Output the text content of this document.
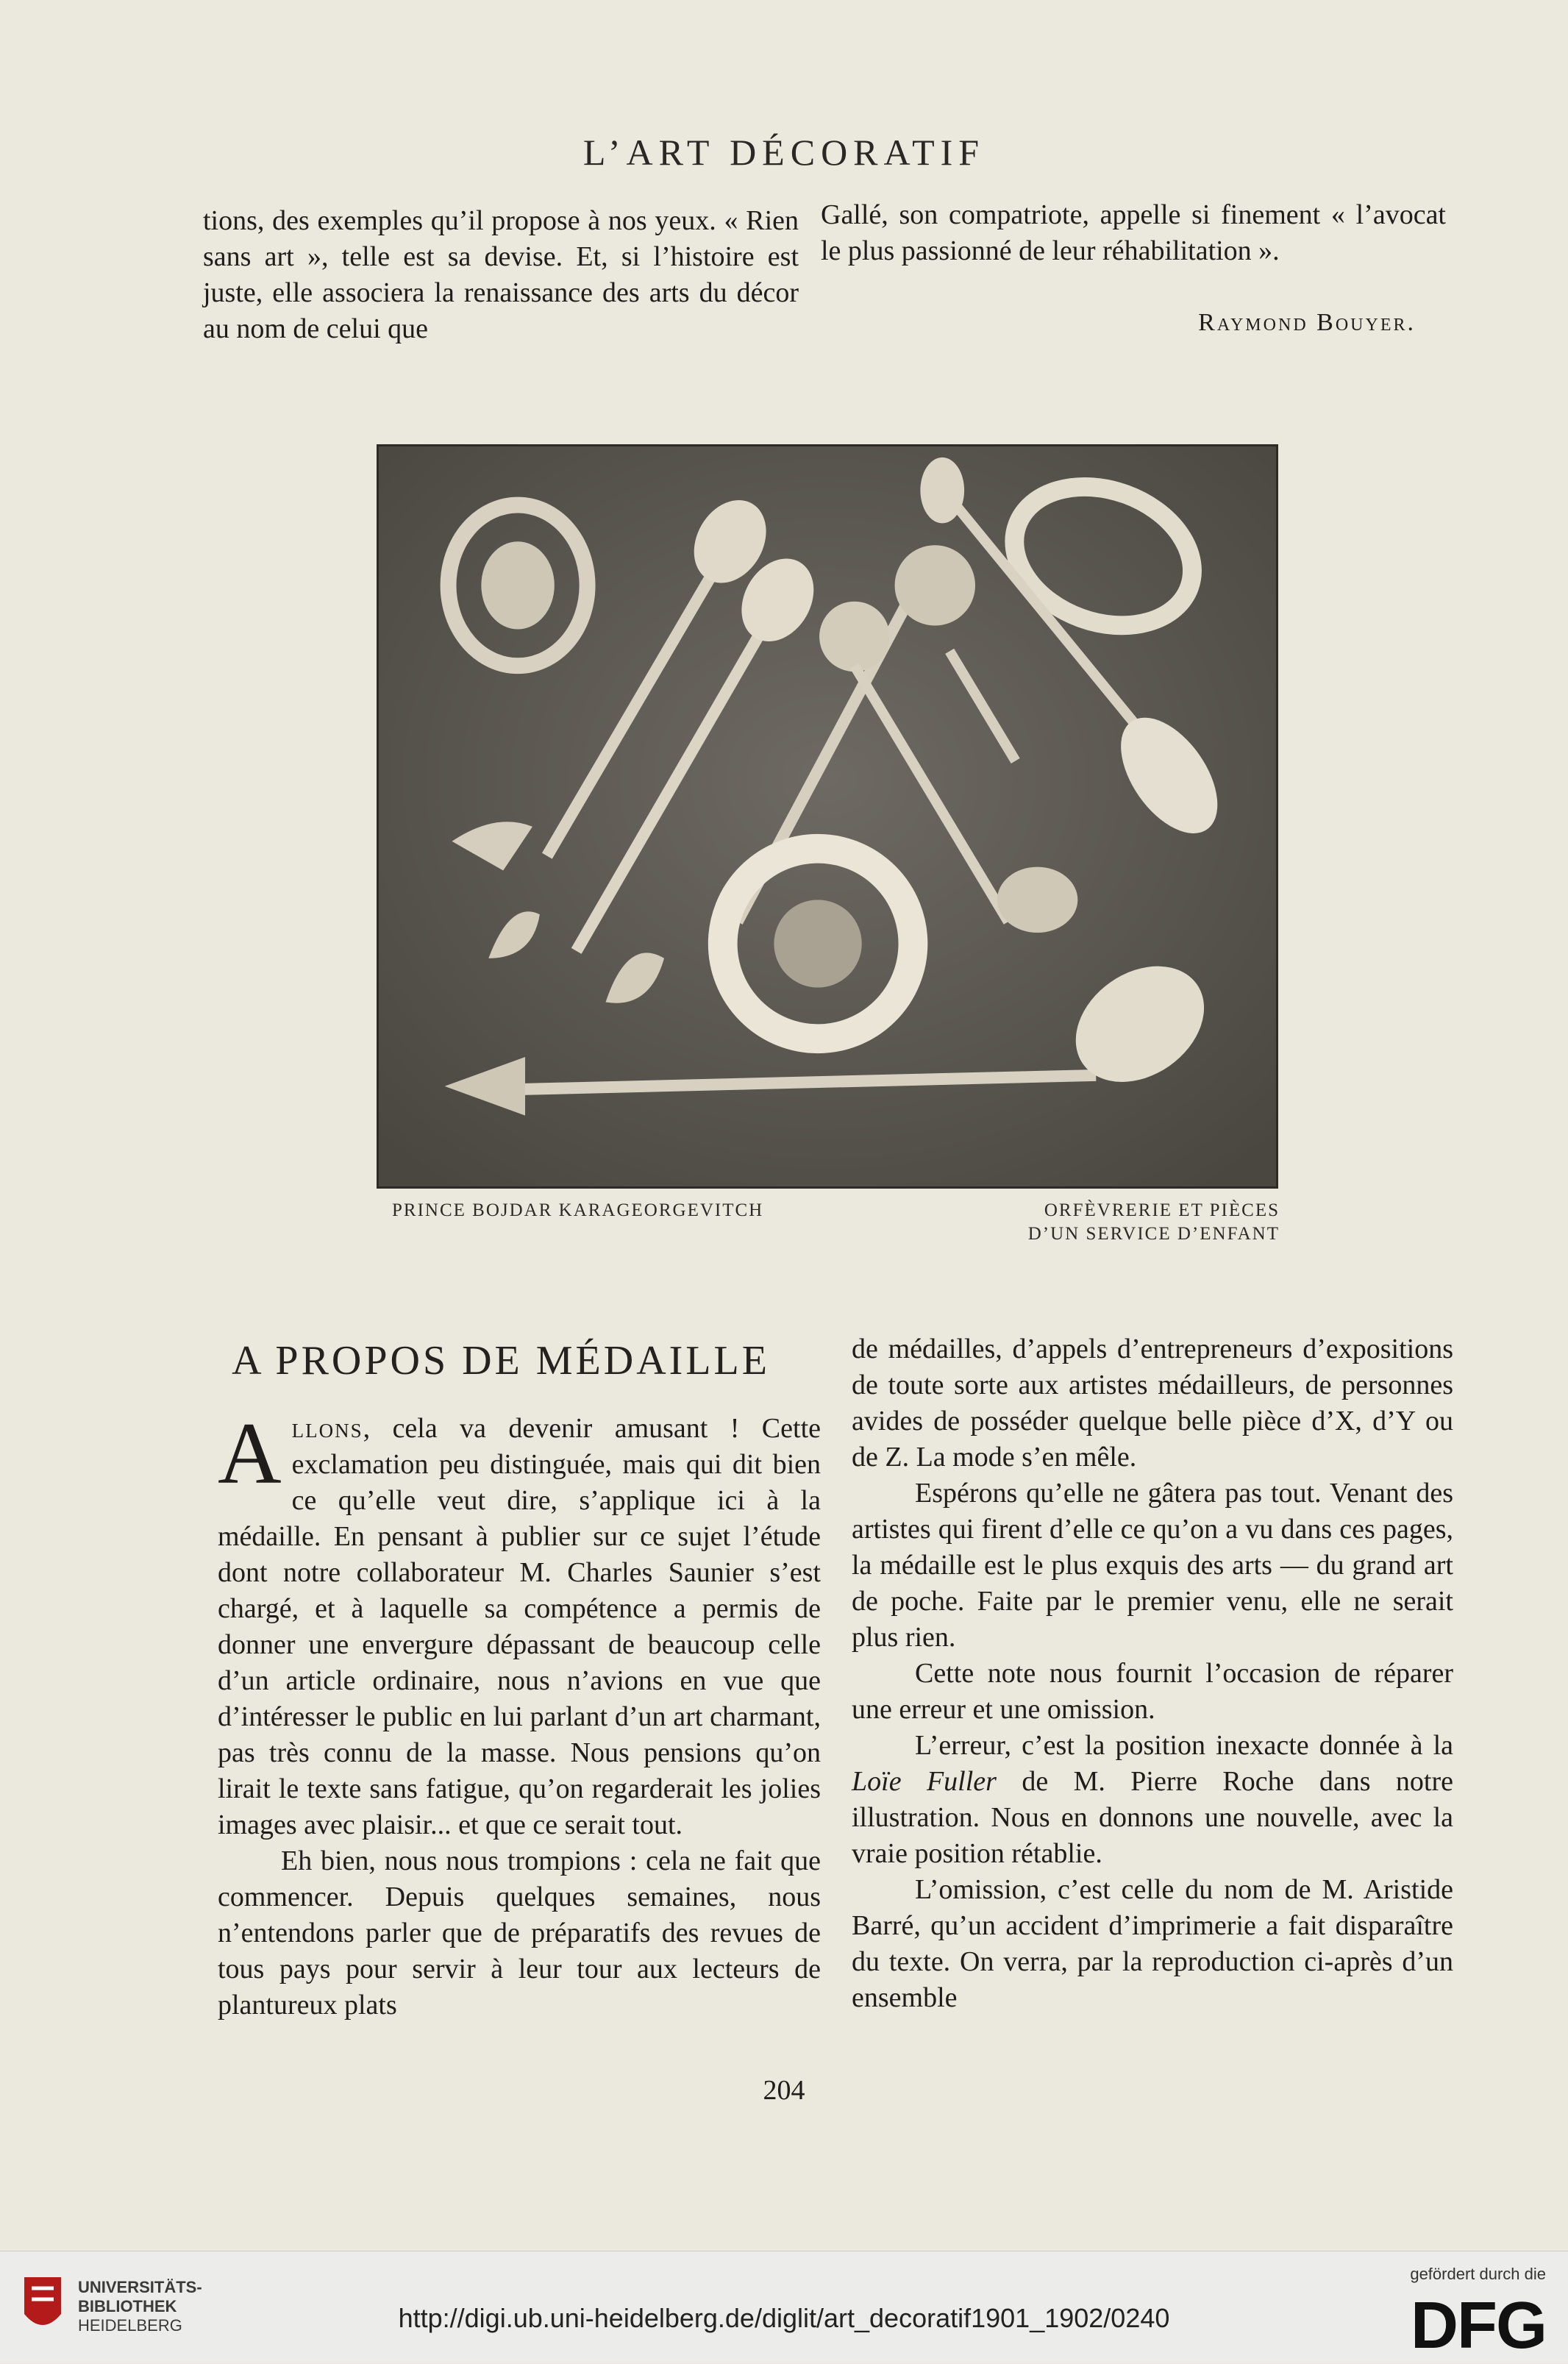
L’ART DÉCORATIF

tions, des exemples qu’il propose à nos yeux. « Rien sans art », telle est sa devise. Et, si l’histoire est juste, elle associera la renaissance des arts du décor au nom de celui que

Gallé, son compatriote, appelle si finement « l’avocat le plus passionné de leur réhabilitation ».

Raymond Bouyer.
PRINCE BOJDAR KARAGEORGEVITCH	ORFÈVRERIE ET PIÈCES
D’UN SERVICE D’ENFANT
A PROPOS DE MÉDAILLE

Allons, cela va devenir amusant ! Cette exclamation peu distinguée, mais qui dit bien ce qu’elle veut dire, s’applique ici à la médaille. En pensant à publier sur ce sujet l’étude dont notre collaborateur M. Charles Saunier s’est chargé, et à laquelle sa compétence a permis de donner une envergure dépassant de beaucoup celle d’un article ordinaire, nous n’avions en vue que d’intéresser le public en lui parlant d’un art charmant, pas très connu de la masse. Nous pensions qu’on lirait le texte sans fatigue, qu’on regarderait les jolies images avec plaisir... et que ce serait tout.

Eh bien, nous nous trompions : cela ne fait que commencer. Depuis quelques semaines, nous n’entendons parler que de préparatifs des revues de tous pays pour servir à leur tour aux lecteurs de plantureux plats

de médailles, d’appels d’entrepreneurs d’expositions de toute sorte aux artistes médailleurs, de personnes avides de posséder quelque belle pièce d’X, d’Y ou de Z. La mode s’en mêle.

Espérons qu’elle ne gâtera pas tout. Venant des artistes qui firent d’elle ce qu’on a vu dans ces pages, la médaille est le plus exquis des arts — du grand art de poche. Faite par le premier venu, elle ne serait plus rien.

Cette note nous fournit l’occasion de réparer une erreur et une omission.

L’erreur, c’est la position inexacte donnée à la Loïe Fuller de M. Pierre Roche dans notre illustration. Nous en donnons une nouvelle, avec la vraie position rétablie.

L’omission, c’est celle du nom de M. Aristide Barré, qu’un accident d’imprimerie a fait disparaître du texte. On verra, par la reproduction ci-après d’un ensemble

204
UNIVERSITÄTS-
BIBLIOTHEK
HEIDELBERG	http://digi.ub.uni-heidelberg.de/diglit/art_decoratif1901_1902/0240
gefördert durch die
DFG
